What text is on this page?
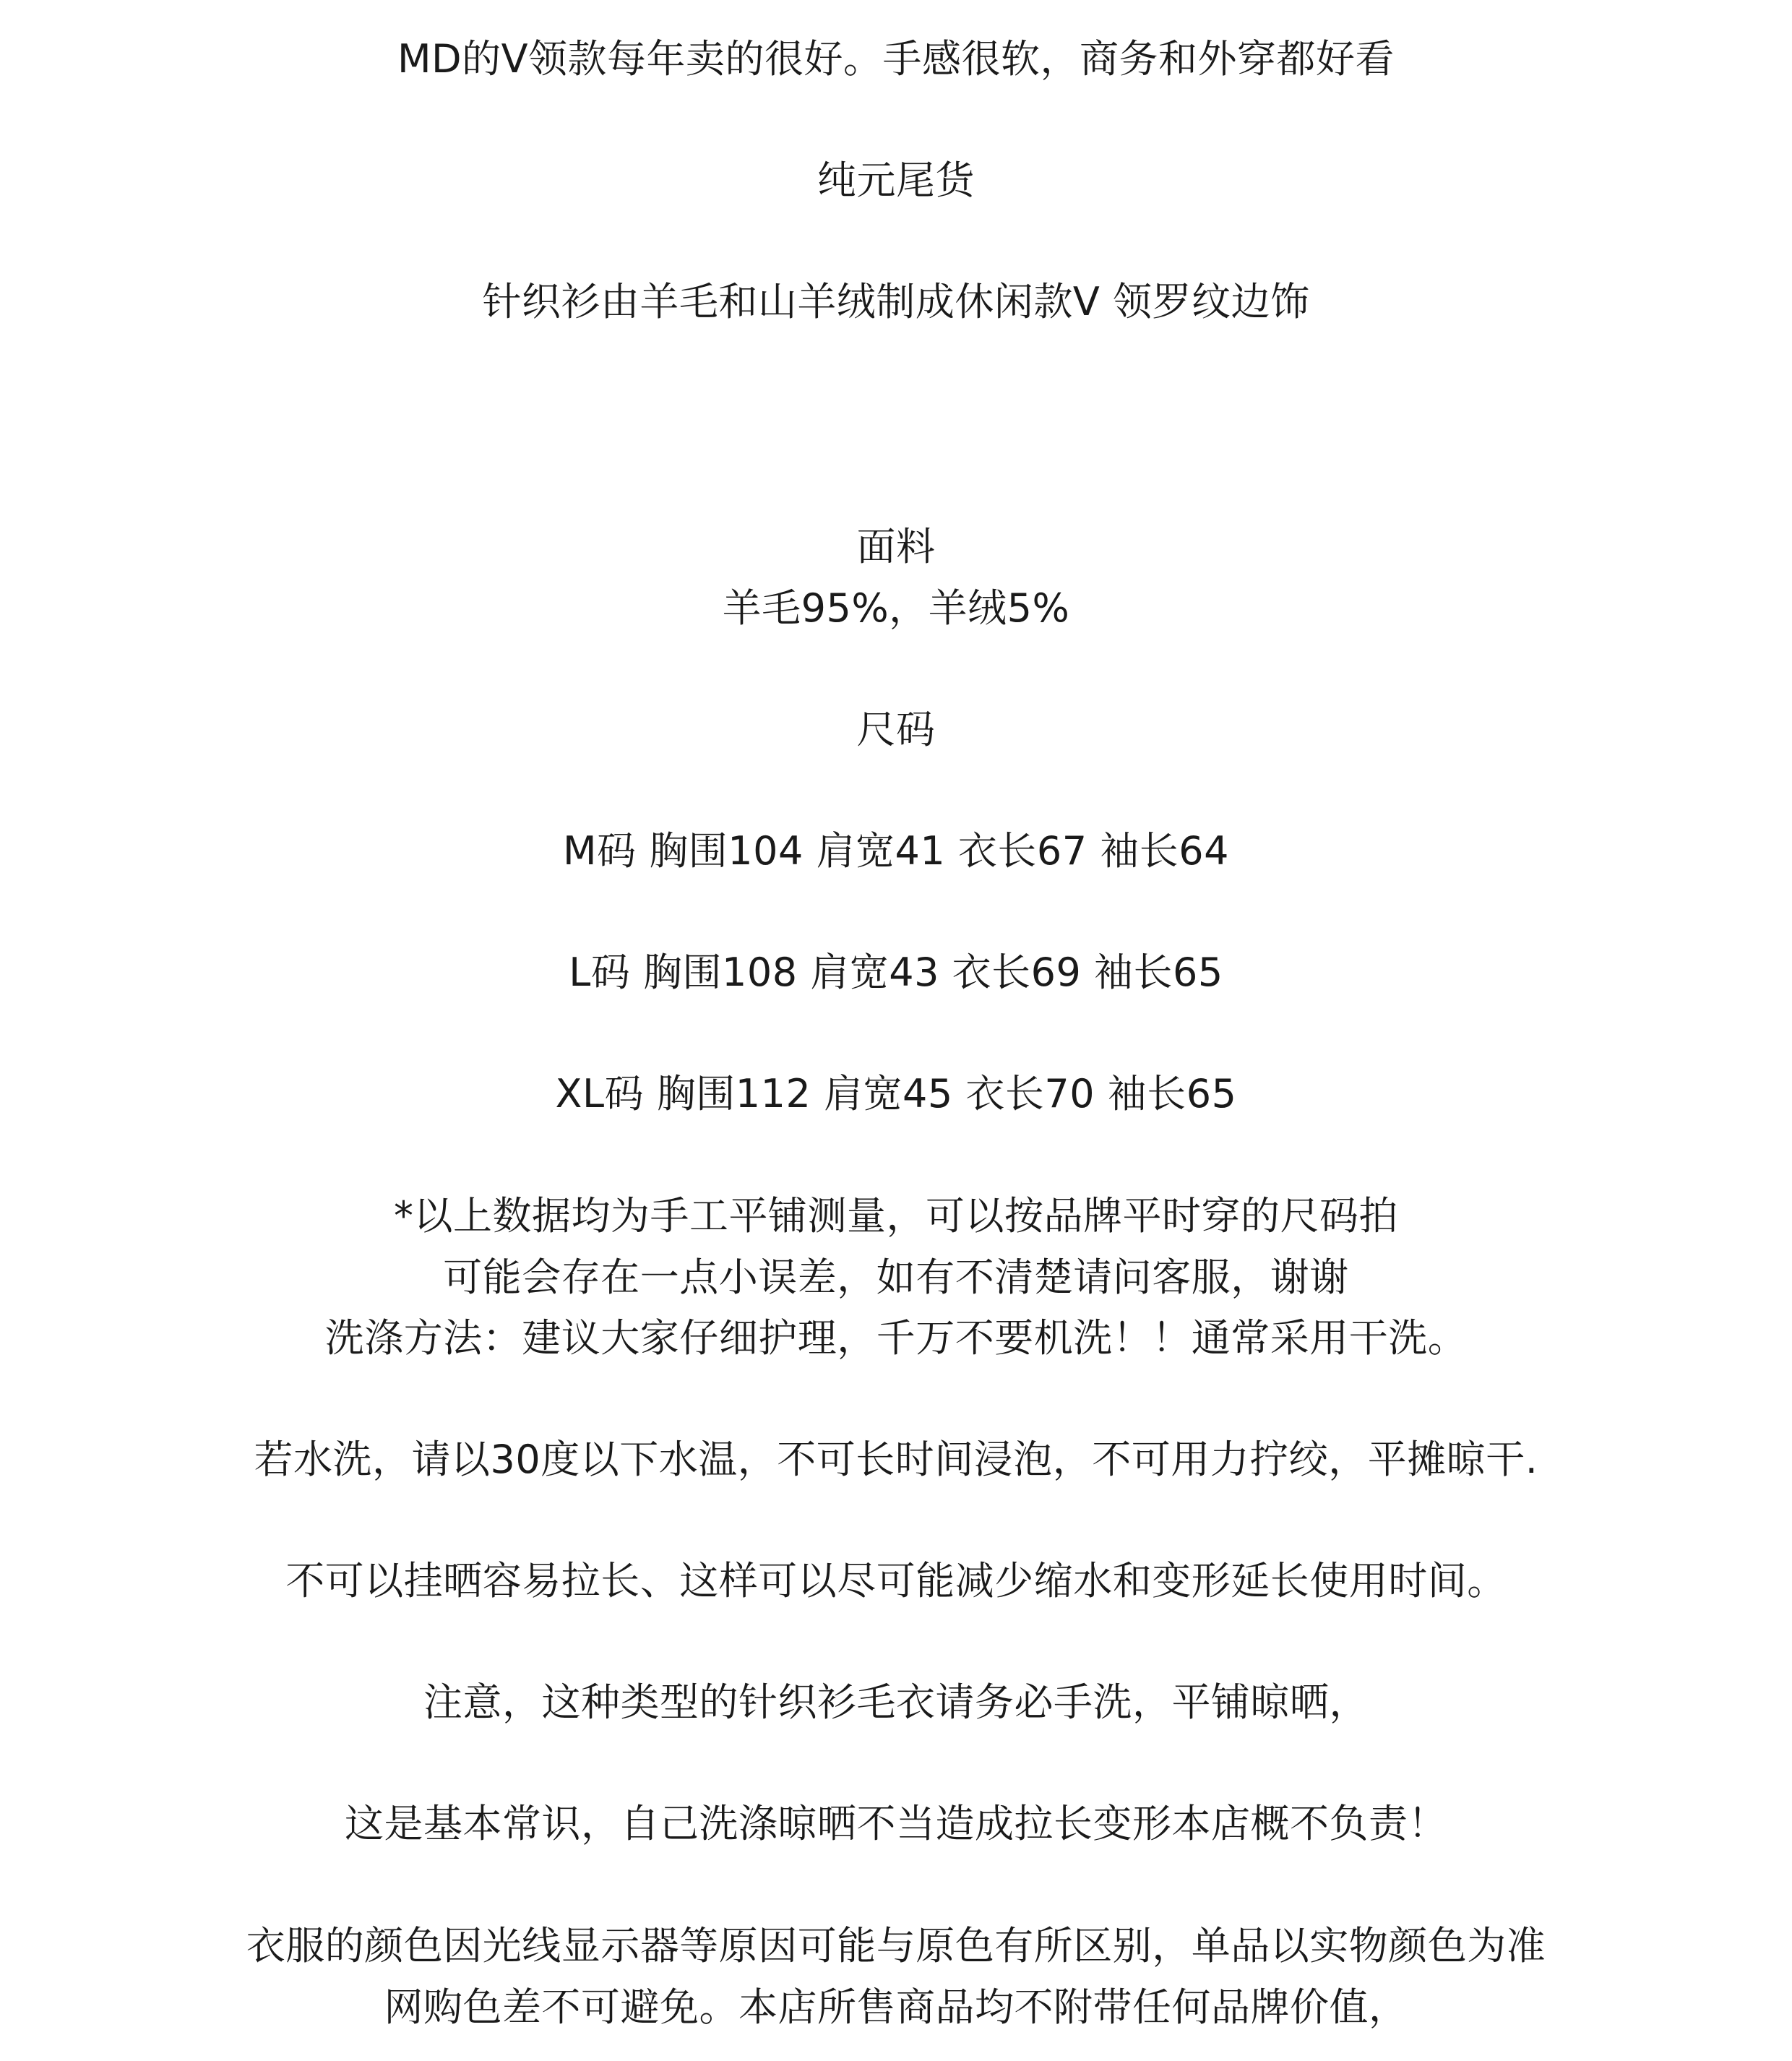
MD的V领款每年卖的很好。手感很软，商务和外穿都好看
纯元尾货
针织衫由羊毛和山羊绒制成休闲款V 领罗纹边饰
面料
羊毛95%，羊绒5%
尺码
M码 胸围104 肩宽41 衣长67 袖长64
L码 胸围108 肩宽43 衣长69 袖长65
XL码 胸围112 肩宽45 衣长70 袖长65
*以上数据均为手工平铺测量，可以按品牌平时穿的尺码拍
可能会存在一点小误差，如有不清楚请问客服，谢谢
洗涤方法：建议大家仔细护理，千万不要机洗！！通常采用干洗。
若水洗，请以30度以下水温，不可长时间浸泡，不可用力拧绞，平摊晾干.
不可以挂晒容易拉长、这样可以尽可能减少缩水和变形延长使用时间。
注意，这种类型的针织衫毛衣请务必手洗，平铺晾晒，
这是基本常识，自己洗涤晾晒不当造成拉长变形本店概不负责！
衣服的颜色因光线显示器等原因可能与原色有所区别，单品以实物颜色为准
网购色差不可避免。本店所售商品均不附带任何品牌价值，
